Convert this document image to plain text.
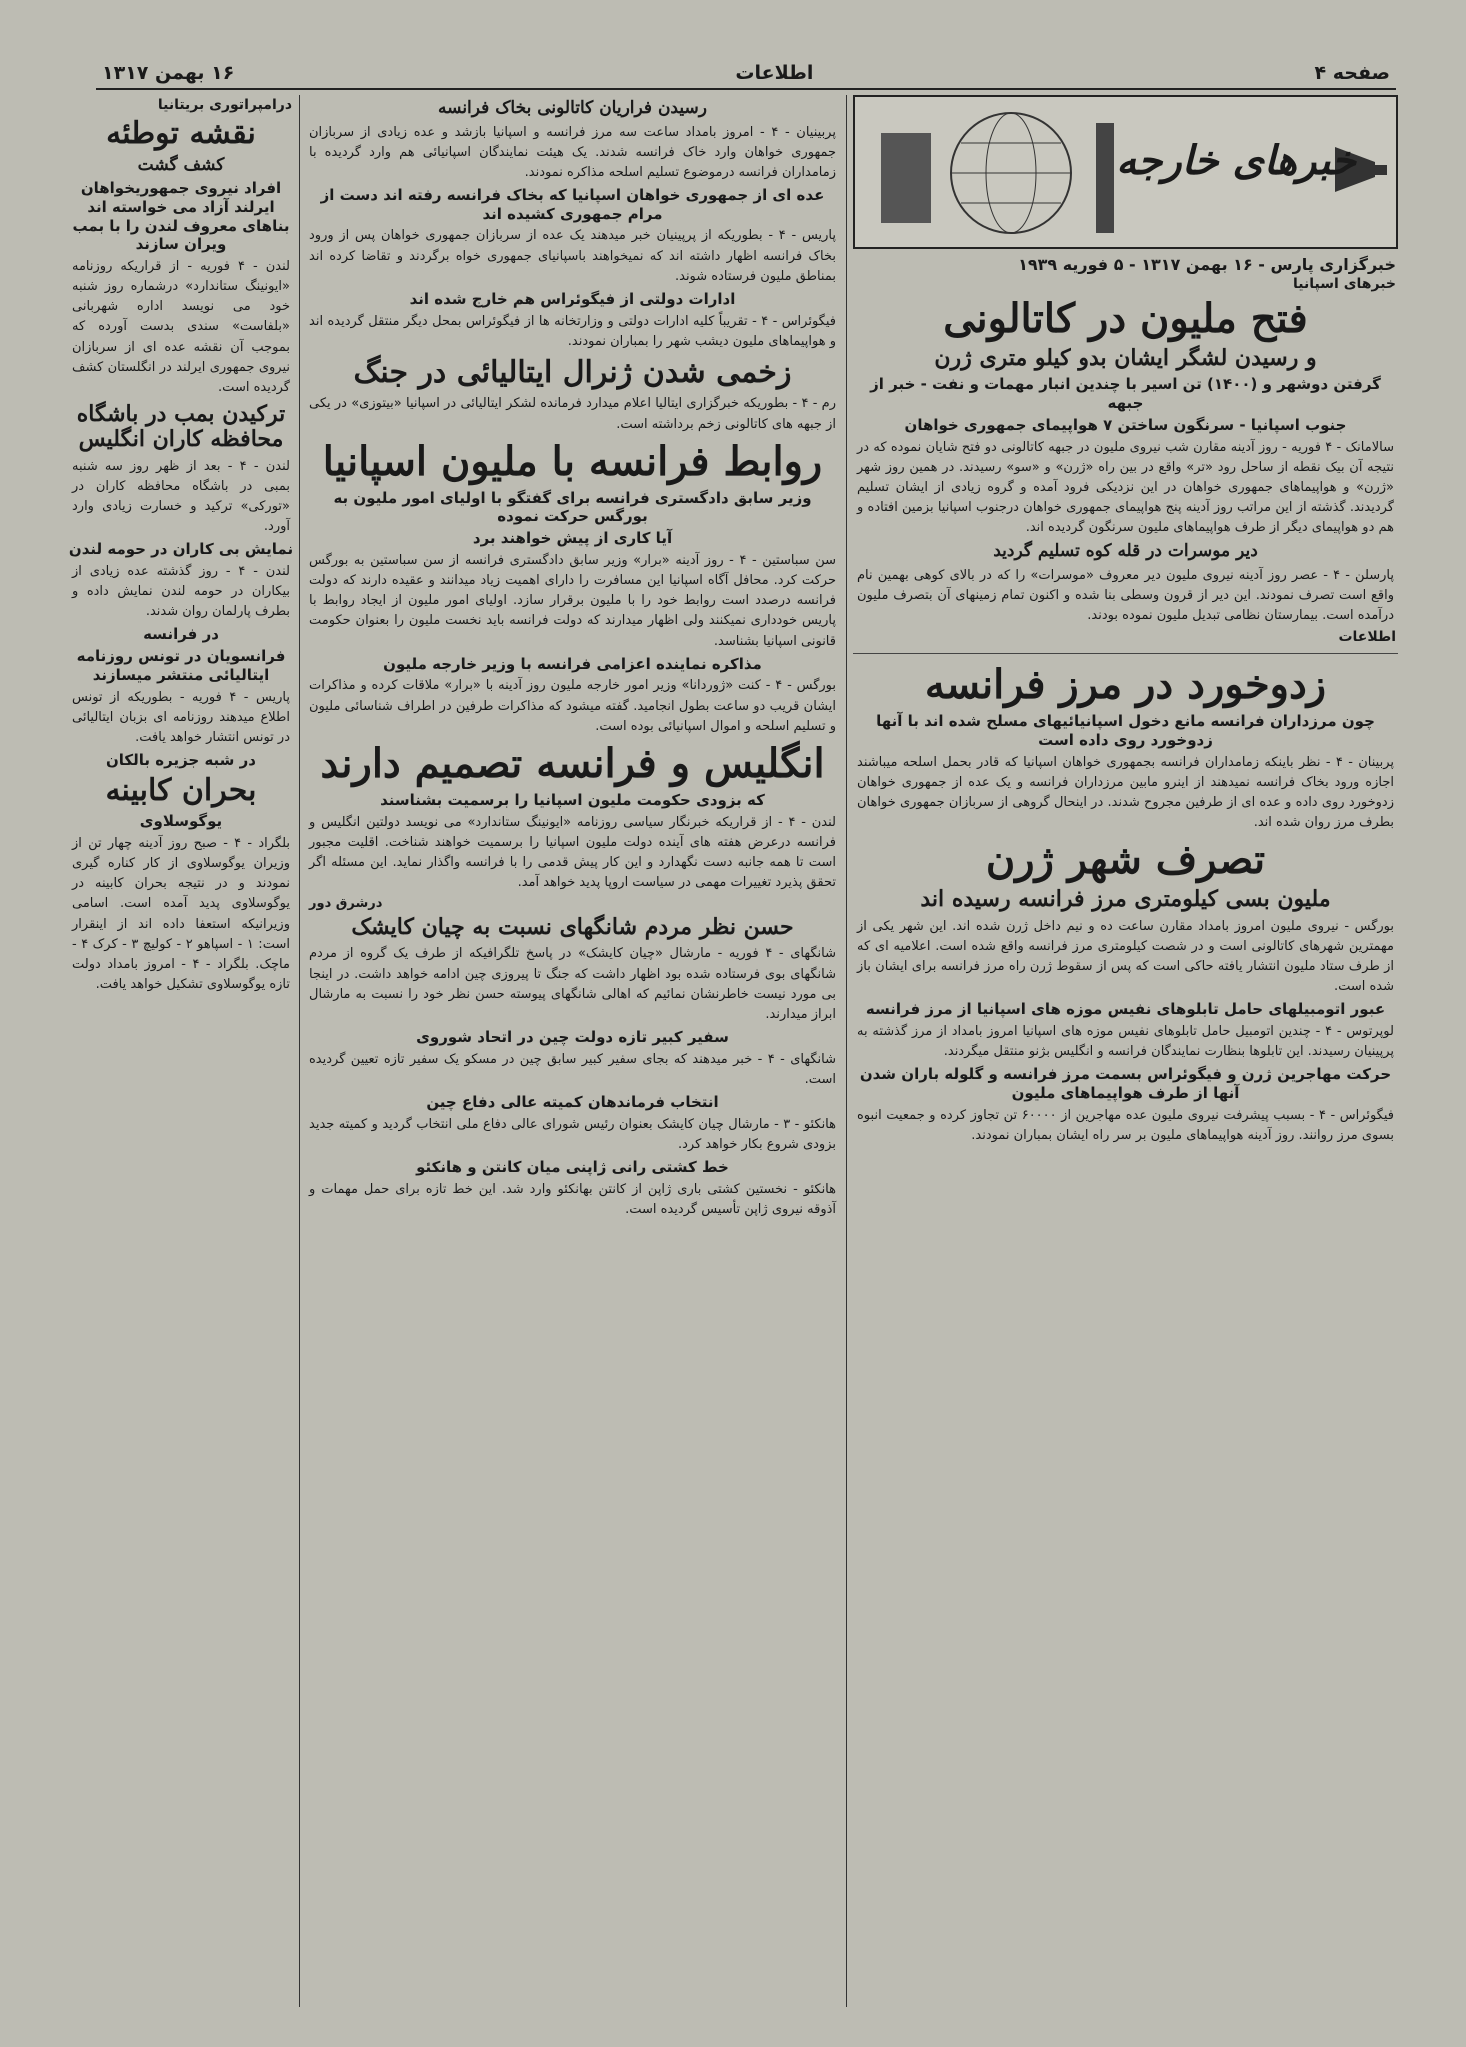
صفحه ۴
اطلاعات
۱۶ بهمن ۱۳۱۷
خبرهای خارجه
خبرگزاری پارس - ۱۶ بهمن ۱۳۱۷ - ۵ فوریه ۱۹۳۹
خبرهای اسپانیا
فتح ملیون در کاتالونی
و رسیدن لشگر ایشان بدو کیلو متری ژرن
گرفتن دوشهر و (۱۴۰۰) تن اسیر با چندین انبار مهمات و نفت - خبر از جبهه
جنوب اسپانیا - سرنگون ساختن ۷ هواپیمای جمهوری خواهان

سالامانک - ۴ فوریه - روز آدینه مقارن شب نیروی ملیون در جبهه کاتالونی دو فتح شایان نموده که در نتیجه آن بیک نقطه از ساحل رود «تر» واقع در بین راه «ژرن» و «سو» رسیدند. در همین روز شهر «ژرن» و هواپیماهای جمهوری خواهان در این نزدیکی فرود آمده و گروه زیادی از ایشان تسلیم گردیدند. گذشته از این مراتب روز آدینه پنج هواپیمای جمهوری خواهان درجنوب اسپانیا بزمین افتاده و هم دو هواپیمای دیگر از طرف هواپیماهای ملیون سرنگون گردیده اند.

دیر موسرات در قله کوه تسلیم گردید

پارسلن - ۴ - عصر روز آدینه نیروی ملیون دیر معروف «موسرات» را که در بالای کوهی بهمین نام واقع است تصرف نمودند. این دیر از قرون وسطی بنا شده و اکنون تمام زمینهای آن بتصرف ملیون درآمده است. بیمارستان نظامی تبدیل ملیون نموده بودند.

اطلاعات
زدوخورد در مرز فرانسه
چون مرزداران فرانسه مانع دخول اسپانیائیهای مسلح شده اند با آنها زدوخورد روی داده است

پربینان - ۴ - نظر باینکه زمامداران فرانسه بجمهوری خواهان اسپانیا که قادر بحمل اسلحه میباشند اجازه ورود بخاک فرانسه نمیدهند از اینرو مابین مرزداران فرانسه و یک عده از جمهوری خواهان زدوخورد روی داده و عده ای از طرفین مجروح شدند. در اینحال گروهی از سربازان جمهوری خواهان بطرف مرز روان شده اند.

تصرف شهر ژرن
ملیون بسی کیلومتری مرز فرانسه رسیده اند

بورگس - نیروی ملیون امروز بامداد مقارن ساعت ده و نیم داخل ژرن شده اند. این شهر یکی از مهمترین شهرهای کاتالونی است و در شصت کیلومتری مرز فرانسه واقع شده است. اعلامیه ای که از طرف ستاد ملیون انتشار یافته حاکی است که پس از سقوط ژرن راه مرز فرانسه برای ایشان باز شده است.

عبور اتومبیلهای حامل تابلوهای نفیس موزه های اسپانیا از مرز فرانسه

لوپرتوس - ۴ - چندین اتومبیل حامل تابلوهای نفیس موزه های اسپانیا امروز بامداد از مرز گذشته به پرپینیان رسیدند. این تابلوها بنظارت نمایندگان فرانسه و انگلیس بژنو منتقل میگردند.

حرکت مهاجرین ژرن و فیگوئراس بسمت مرز فرانسه و گلوله باران شدن آنها از طرف هواپیماهای ملیون

فیگوئراس - ۴ - بسبب پیشرفت نیروی ملیون عده مهاجرین از ۶۰۰۰۰ تن تجاوز کرده و جمعیت انبوه بسوی مرز روانند. روز آدینه هواپیماهای ملیون بر سر راه ایشان بمباران نمودند.

رسیدن فراریان کاتالونی بخاک فرانسه

پربینیان - ۴ - امروز بامداد ساعت سه مرز فرانسه و اسپانیا بازشد و عده زیادی از سربازان جمهوری خواهان وارد خاک فرانسه شدند. یک هیئت نمایندگان اسپانیائی هم وارد گردیده با زمامداران فرانسه درموضوع تسلیم اسلحه مذاکره نمودند.

عده ای از جمهوری خواهان اسپانیا که بخاک فرانسه رفته اند دست از مرام جمهوری کشیده اند

پاریس - ۴ - بطوریکه از پرپینیان خبر میدهند یک عده از سربازان جمهوری خواهان پس از ورود بخاک فرانسه اظهار داشته اند که نمیخواهند باسپانیای جمهوری خواه برگردند و تقاضا کرده اند بمناطق ملیون فرستاده شوند.

ادارات دولتی از فیگوئراس هم خارج شده اند

فیگوئراس - ۴ - تقریباً کلیه ادارات دولتی و وزارتخانه ها از فیگوئراس بمحل دیگر منتقل گردیده اند و هواپیماهای ملیون دیشب شهر را بمباران نمودند.

زخمی شدن ژنرال ایتالیائی در جنگ

رم - ۴ - بطوریکه خبرگزاری ایتالیا اعلام میدارد فرمانده لشکر ایتالیائی در اسپانیا «بیتوزی» در یکی از جبهه های کاتالونی زخم برداشته است.

روابط فرانسه با ملیون اسپانیا
وزیر سابق دادگستری فرانسه برای گفتگو با اولیای امور ملیون به بورگس حرکت نموده
آیا کاری از پیش خواهند برد

سن سباستین - ۴ - روز آدینه «برار» وزیر سابق دادگستری فرانسه از سن سباستین به بورگس حرکت کرد. محافل آگاه اسپانیا این مسافرت را دارای اهمیت زیاد میدانند و عقیده دارند که دولت فرانسه درصدد است روابط خود را با ملیون برقرار سازد. اولیای امور ملیون از ایجاد روابط با پاریس خودداری نمیکنند ولی اظهار میدارند که دولت فرانسه باید نخست ملیون را بعنوان حکومت قانونی اسپانیا بشناسد.

مذاکره نماینده اعزامی فرانسه با وزیر خارجه ملیون

بورگس - ۴ - کنت «ژوردانا» وزیر امور خارجه ملیون روز آدینه با «برار» ملاقات کرده و مذاکرات ایشان قریب دو ساعت بطول انجامید. گفته میشود که مذاکرات طرفین در اطراف شناسائی ملیون و تسلیم اسلحه و اموال اسپانیائی بوده است.

انگلیس و فرانسه تصمیم دارند
که بزودی حکومت ملیون اسپانیا را برسمیت بشناسند

لندن - ۴ - از قراریکه خبرنگار سیاسی روزنامه «ایونینگ ستاندارد» می نویسد دولتین انگلیس و فرانسه درعرض هفته های آینده دولت ملیون اسپانیا را برسمیت خواهند شناخت. اقلیت مجبور است تا همه جانبه دست نگهدارد و این کار پیش قدمی را با فرانسه واگذار نماید. این مسئله اگر تحقق پذیرد تغییرات مهمی در سیاست اروپا پدید خواهد آمد.

درشرق دور
حسن نظر مردم شانگهای نسبت به چیان کایشک

شانگهای - ۴ فوریه - مارشال «چیان کایشک» در پاسخ تلگرافیکه از طرف یک گروه از مردم شانگهای بوی فرستاده شده بود اظهار داشت که جنگ تا پیروزی چین ادامه خواهد داشت. در اینجا بی مورد نیست خاطرنشان نمائیم که اهالی شانگهای پیوسته حسن نظر خود را نسبت به مارشال ابراز میدارند.

سفیر کبیر تازه دولت چین در اتحاد شوروی

شانگهای - ۴ - خبر میدهند که بجای سفیر کبیر سابق چین در مسکو یک سفیر تازه تعیین گردیده است.

انتخاب فرماندهان کمیته عالی دفاع چین

هانکئو - ۳ - مارشال چیان کایشک بعنوان رئیس شورای عالی دفاع ملی انتخاب گردید و کمیته جدید بزودی شروع بکار خواهد کرد.

خط کشتی رانی ژاپنی میان کانتن و هانکئو

هانکئو - نخستین کشتی باری ژاپن از کانتن بهانکئو وارد شد. این خط تازه برای حمل مهمات و آذوقه نیروی ژاپن تأسیس گردیده است.

درامپراتوری بریتانیا
نقشه توطئه
کشف گشت
افراد نیروی جمهوریخواهان ایرلند آزاد می خواسته اند بناهای معروف لندن را با بمب ویران سازند

لندن - ۴ فوریه - از قراریکه روزنامه «ایونینگ ستاندارد» درشماره روز شنبه خود می نویسد اداره شهربانی «بلفاست» سندی بدست آورده که بموجب آن نقشه عده ای از سربازان نیروی جمهوری ایرلند در انگلستان کشف گردیده است.

ترکیدن بمب در باشگاه محافظه کاران انگلیس

لندن - ۴ - بعد از ظهر روز سه شنبه بمبی در باشگاه محافظه کاران در «تورکی» ترکید و خسارت زیادی وارد آورد.

نمایش بی کاران در حومه لندن

لندن - ۴ - روز گذشته عده زیادی از بیکاران در حومه لندن نمایش داده و بطرف پارلمان روان شدند.

در فرانسه
فرانسویان در تونس روزنامه ایتالیائی منتشر میسازند

پاریس - ۴ فوریه - بطوریکه از تونس اطلاع میدهند روزنامه ای بزبان ایتالیائی در تونس انتشار خواهد یافت.

در شبه جزیره بالکان
بحران کابینه
یوگوسلاوی

بلگراد - ۴ - صبح روز آدینه چهار تن از وزیران یوگوسلاوی از کار کناره گیری نمودند و در نتیجه بحران کابینه در یوگوسلاوی پدید آمده است. اسامی وزیرانیکه استعفا داده اند از اینقرار است: ۱ - اسپاهو ۲ - کولیچ ۳ - کرک ۴ - ماچک. بلگراد - ۴ - امروز بامداد دولت تازه یوگوسلاوی تشکیل خواهد یافت.
